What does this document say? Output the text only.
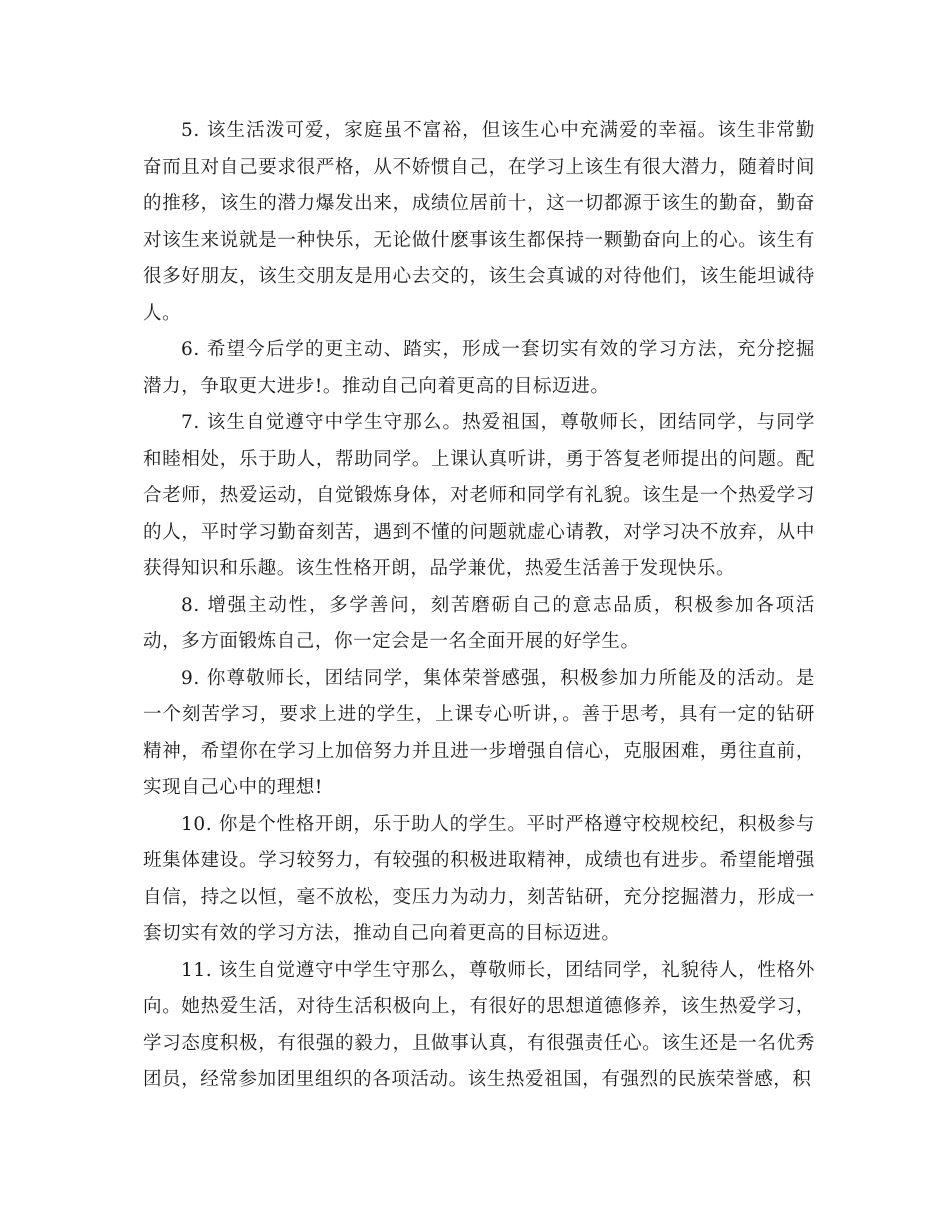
5. 该生活泼可爱，家庭虽不富裕，但该生心中充满爱的幸福。该生非常勤奋而且对自己要求很严格，从不娇惯自己，在学习上该生有很大潜力，随着时间的推移，该生的潜力爆发出来，成绩位居前十，这一切都源于该生的勤奋，勤奋对该生来说就是一种快乐，无论做什麽事该生都保持一颗勤奋向上的心。该生有很多好朋友，该生交朋友是用心去交的，该生会真诚的对待他们，该生能坦诚待人。

6. 希望今后学的更主动、踏实，形成一套切实有效的学习方法，充分挖掘潜力，争取更大进步!。推动自己向着更高的目标迈进。

7. 该生自觉遵守中学生守那么。热爱祖国，尊敬师长，团结同学，与同学和睦相处，乐于助人，帮助同学。上课认真听讲，勇于答复老师提出的问题。配合老师，热爱运动，自觉锻炼身体，对老师和同学有礼貌。该生是一个热爱学习的人，平时学习勤奋刻苦，遇到不懂的问题就虚心请教，对学习决不放弃，从中获得知识和乐趣。该生性格开朗，品学兼优，热爱生活善于发现快乐。

8. 增强主动性，多学善问，刻苦磨砺自己的意志品质，积极参加各项活动，多方面锻炼自己，你一定会是一名全面开展的好学生。

9. 你尊敬师长，团结同学，集体荣誉感强，积极参加力所能及的活动。是一个刻苦学习，要求上进的学生，上课专心听讲，。善于思考，具有一定的钻研精神，希望你在学习上加倍努力并且进一步增强自信心，克服困难，勇往直前，实现自己心中的理想!

10. 你是个性格开朗，乐于助人的学生。平时严格遵守校规校纪，积极参与班集体建设。学习较努力，有较强的积极进取精神，成绩也有进步。希望能增强自信，持之以恒，毫不放松，变压力为动力，刻苦钻研，充分挖掘潜力，形成一套切实有效的学习方法，推动自己向着更高的目标迈进。

11. 该生自觉遵守中学生守那么，尊敬师长，团结同学，礼貌待人，性格外向。她热爱生活，对待生活积极向上，有很好的思想道德修养，该生热爱学习，学习态度积极，有很强的毅力，且做事认真，有很强责任心。该生还是一名优秀团员，经常参加团里组织的各项活动。该生热爱祖国，有强烈的民族荣誉感，积
